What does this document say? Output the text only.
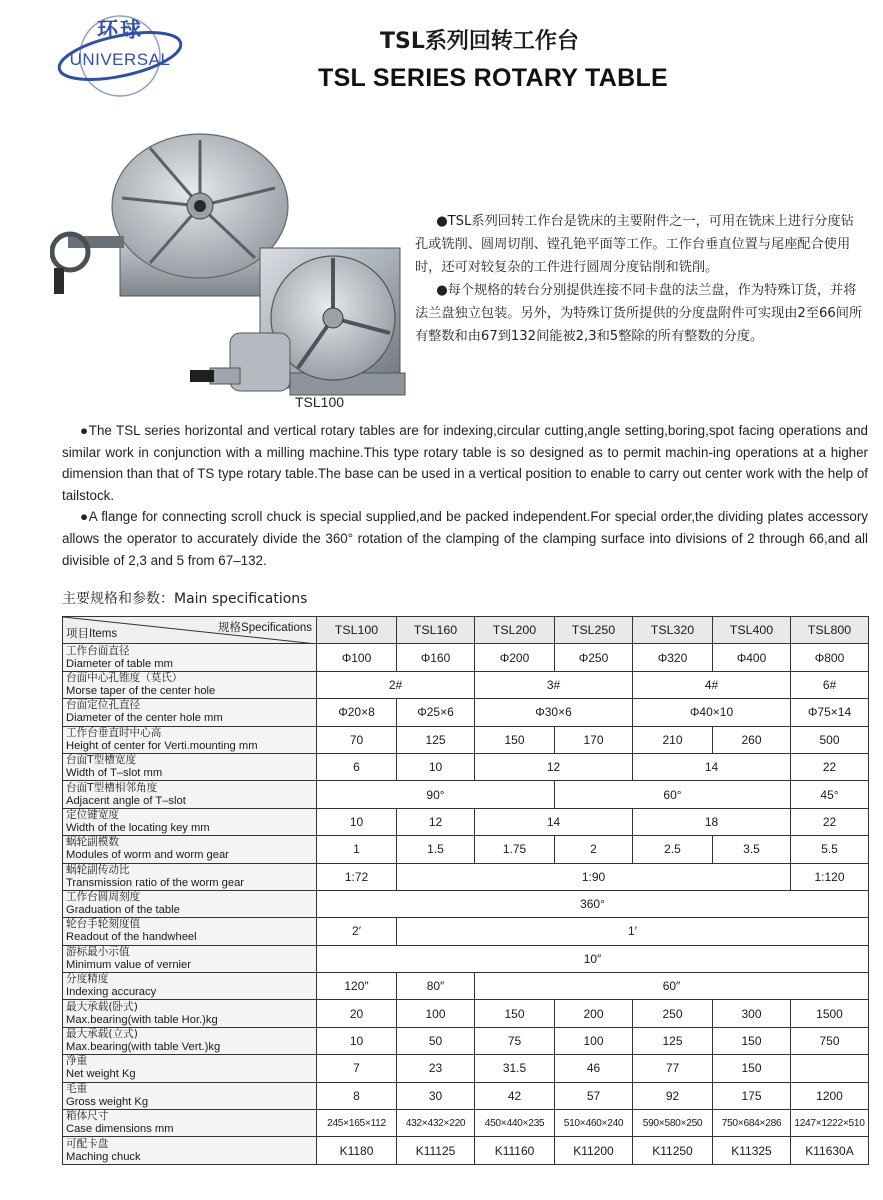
环球
UNIVERSAL
TSL系列回转工作台
TSL SERIES ROTARY TABLE
TSL100

●TSL系列回转工作台是铣床的主要附件之一，可用在铣床上进行分度钻孔或铣削、圆周切削、镗孔铯平面等工作。工作台垂直位置与尾座配合使用时，还可对较复杂的工件进行圆周分度钻削和铣削。

●每个规格的转台分别提供连接不同卡盘的法兰盘，作为特殊订货，并将法兰盘独立包装。另外，为特殊订货所提供的分度盘附件可实现由2至66间所有整数和由67到132间能被2,3和5整除的所有整数的分度。

●The TSL series horizontal and vertical rotary tables are for indexing,circular cutting,angle setting,boring,spot facing operations and similar work in conjunction with a milling machine.This type rotary table is so designed as to permit machin-ing operations at a higher dimension than that of TS type rotary table.The base can be used in a vertical position to enable to carry out center work with the help of tailstock.

●A flange for connecting scroll chuck is special supplied,and be packed independent.For special order,the dividing plates accessory allows the operator to accurately divide the 360° rotation of the clamping of the clamping surface into divisions of 2 through 66,and all divisible of 2,3 and 5 from 67–132.

主要规格和参数：Main specifications
规格Specifications
项目Items	TSL100	TSL160	TSL200	TSL250	TSL320	TSL400	TSL800

工作台面直径
Diameter of table mm	Φ100	Φ160	Φ200	Φ250	Φ320	Φ400	Φ800

台面中心孔锥度（莫氏）
Morse taper of the center hole	2#		3#		4#		6#

台面定位孔直径
Diameter of the center hole mm	Φ20×8	Φ25×6	Φ30×6		Φ40×10		Φ75×14

工作台垂直时中心高
Height of center for Verti.mounting mm	70	125	150	170	210	260	500

台面T型槽宽度
Width of T–slot mm	6	10	12		14		22

台面T型槽相邻角度
Adjacent angle of T–slot	90°			60°			45°

定位键宽度
Width of the locating key mm	10	12	14		18		22

蜗轮副模数
Modules of worm and worm gear	1	1.5	1.75	2	2.5	3.5	5.5

蜗轮副传动比
Transmission ratio of the worm gear	1:72	1:90					1:120

工作台圆周刻度
Graduation of the table	360°						

轮台手轮刻度值
Readout of the handwheel	2′	1′					

游标最小示值
Minimum value of vernier	10″						

分度精度
Indexing accuracy	120″	80″	60″				

最大承载(卧式)
Max.bearing(with table Hor.)kg	20	100	150	200	250	300	1500

最大承载(立式)
Max.bearing(with table Vert.)kg	10	50	75	100	125	150	750

净重
Net weight Kg	7	23	31.5	46	77	150	

毛重
Gross weight Kg	8	30	42	57	92	175	1200

箱体尺寸
Case dimensions mm	245×165×112	432×432×220	450×440×235	510×460×240	590×580×250	750×684×286	1247×1222×510

可配卡盘
Maching chuck	K1180	K11125	K11160	K11200	K11250	K11325	K11630A
